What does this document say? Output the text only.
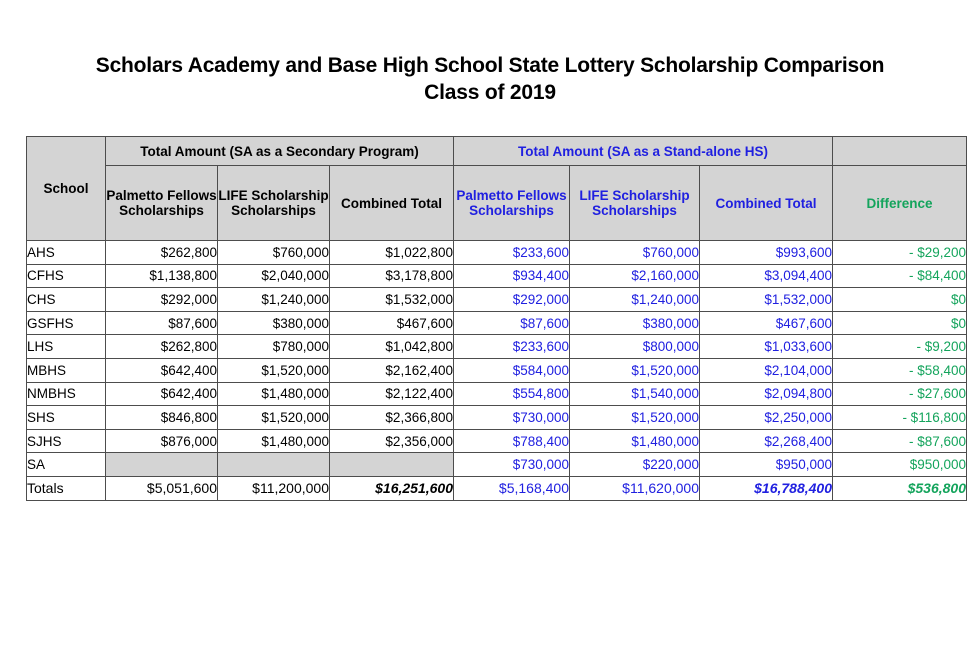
Scholars Academy and Base High School State Lottery Scholarship Comparison
Class of 2019
School	Total Amount (SA as a Secondary Program)			Total Amount (SA as a Stand-alone HS)			
	Palmetto Fellows Scholarships	LIFE Scholarship Scholarships	Combined Total	Palmetto Fellows Scholarships	LIFE Scholarship Scholarships	Combined Total	Difference
AHS	$262,800	$760,000	$1,022,800	$233,600	$760,000	$993,600	- $29,200
CFHS	$1,138,800	$2,040,000	$3,178,800	$934,400	$2,160,000	$3,094,400	- $84,400
CHS	$292,000	$1,240,000	$1,532,000	$292,000	$1,240,000	$1,532,000	$0
GSFHS	$87,600	$380,000	$467,600	$87,600	$380,000	$467,600	$0
LHS	$262,800	$780,000	$1,042,800	$233,600	$800,000	$1,033,600	- $9,200
MBHS	$642,400	$1,520,000	$2,162,400	$584,000	$1,520,000	$2,104,000	- $58,400
NMBHS	$642,400	$1,480,000	$2,122,400	$554,800	$1,540,000	$2,094,800	- $27,600
SHS	$846,800	$1,520,000	$2,366,800	$730,000	$1,520,000	$2,250,000	- $116,800
SJHS	$876,000	$1,480,000	$2,356,000	$788,400	$1,480,000	$2,268,400	- $87,600
SA				$730,000	$220,000	$950,000	$950,000
Totals	$5,051,600	$11,200,000	$16,251,600	$5,168,400	$11,620,000	$16,788,400	$536,800
